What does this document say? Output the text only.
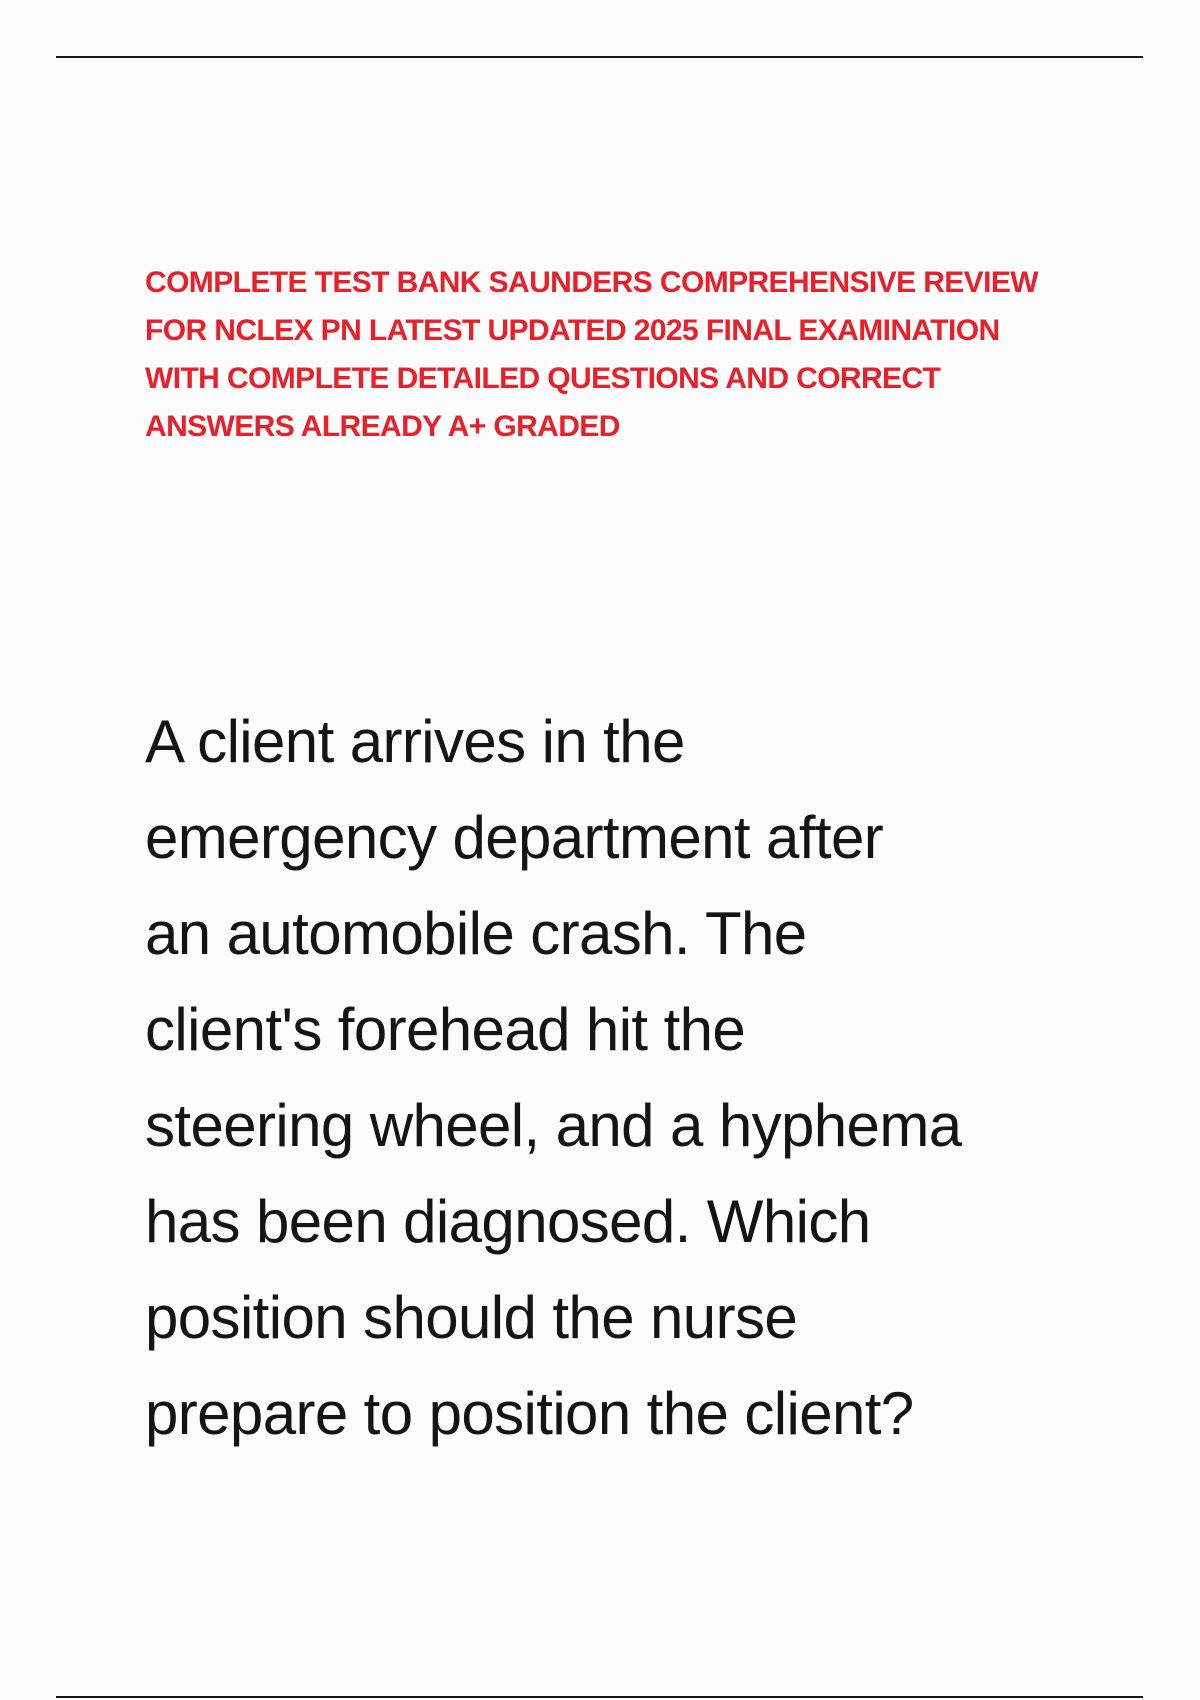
COMPLETE TEST BANK SAUNDERS COMPREHENSIVE REVIEW
FOR NCLEX PN LATEST UPDATED 2025 FINAL EXAMINATION
WITH COMPLETE DETAILED QUESTIONS AND CORRECT
ANSWERS ALREADY A+ GRADED

A client arrives in the
emergency department after
an automobile crash. The
client's forehead hit the
steering wheel, and a hyphema
has been diagnosed. Which
position should the nurse
prepare to position the client?
